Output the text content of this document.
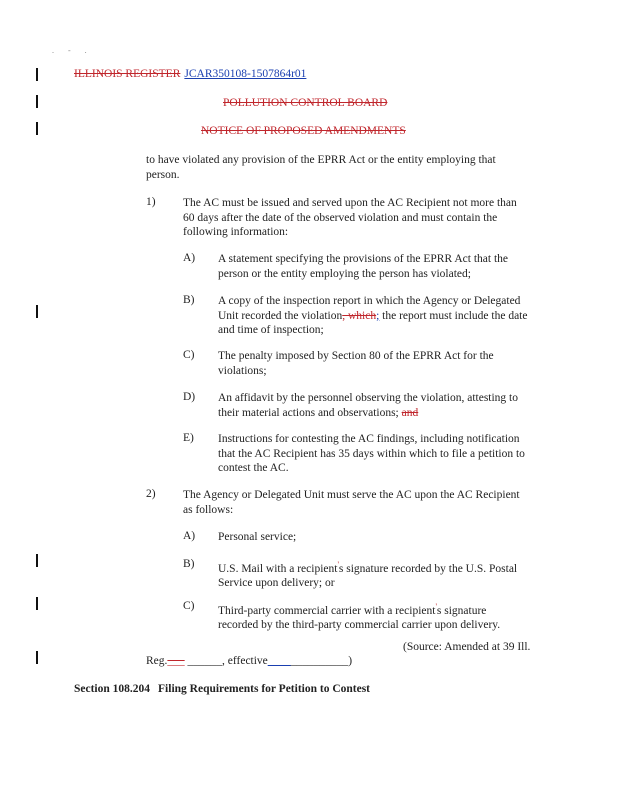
. - .
ILLINOIS REGISTER JCAR350108-1507864r01
POLLUTION CONTROL BOARD
NOTICE OF PROPOSED AMENDMENTS
to have violated any provision of the EPRR Act or the entity employing that
person.
1) The AC must be issued and served upon the AC Recipient not more than
60 days after the date of the observed violation and must contain the
following information:
A) A statement specifying the provisions of the EPRR Act that the
person or the entity employing the person has violated;
B) A copy of the inspection report in which the Agency or Delegated
Unit recorded the violation, which; the report must include the date
and time of inspection;
C) The penalty imposed by Section 80 of the EPRR Act for the
violations;
D) An affidavit by the personnel observing the violation, attesting to
their material actions and observations; and
E) Instructions for contesting the AC findings, including notification
that the AC Recipient has 35 days within which to file a petition to
contest the AC.
2) The Agency or Delegated Unit must serve the AC upon the AC Recipient
as follows:
A) Personal service;
B) U.S. Mail with a recipient's signature recorded by the U.S. Postal
Service upon delivery; or
C) Third-party commercial carrier with a recipient's signature
recorded by the third-party commercial carrier upon delivery.
(Source: Amended at 39 Ill.
Reg.___ ______, effective______________)
Section 108.204 Filing Requirements for Petition to Contest
